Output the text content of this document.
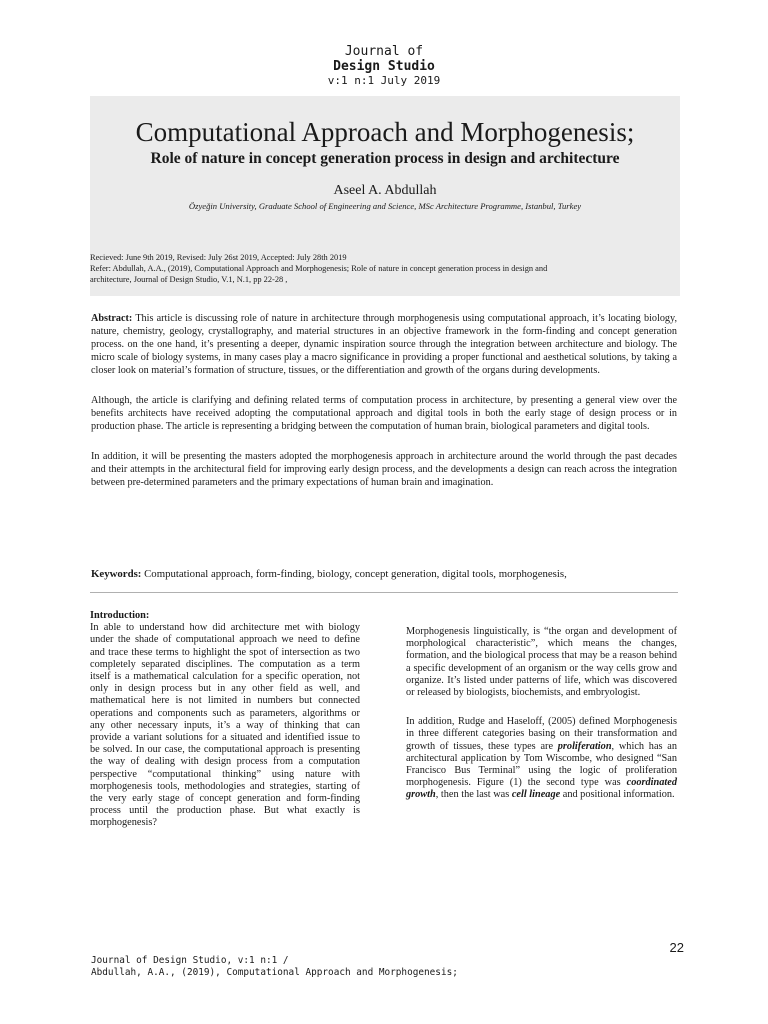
Journal of
Design Studio
v:1 n:1 July 2019
Computational Approach and Morphogenesis;
Role of nature in concept generation process in design and architecture
Aseel A. Abdullah
Özyeğin University, Graduate School of Engineering and Science, MSc Architecture Programme, Istanbul, Turkey
Recieved: June 9th 2019, Revised: July 26st 2019, Accepted: July 28th 2019
Refer: Abdullah, A.A., (2019), Computational Approach and Morphogenesis; Role of nature in concept generation process in design and
architecture, Journal of Design Studio, V.1, N.1, pp 22-28 ,

Abstract: This article is discussing role of nature in architecture through morphogenesis using computational approach, it’s locating biology, nature, chemistry, geology, crystallography, and material structures in an objective framework in the form-finding and concept generation process. on the one hand, it’s presenting a deeper, dynamic inspiration source through the integration between architecture and biology. The micro scale of biology systems, in many cases play a macro significance in providing a proper functional and aesthetical solutions, by taking a closer look on material’s formation of structure, tissues, or the differentiation and growth of the organs during developments.

Although, the article is clarifying and defining related terms of computation process in architecture, by presenting a general view over the benefits architects have received adopting the computational approach and digital tools in both the early stage of design process or in production phase. The article is representing a bridging between the computation of human brain, biological parameters and digital tools.

In addition, it will be presenting the masters adopted the morphogenesis approach in architecture around the world through the past decades and their attempts in the architectural field for improving early design process, and the developments a design can reach across the integration between pre-determined parameters and the primary expectations of human brain and imagination.

Keywords: Computational approach, form-finding, biology, concept generation, digital tools, morphogenesis,
Introduction:
In able to understand how did architecture met with biology under the shade of computational approach we need to define and trace these terms to highlight the spot of intersection as two completely separated disciplines. The computation as a term itself is a mathematical calculation for a specific operation, not only in design process but in any other field as well, and mathematical here is not limited in numbers but connected operations and components such as parameters, algorithms or any other necessary inputs, it’s a way of thinking that can provide a variant solutions for a situated and identified issue to be solved. In our case, the computational approach is presenting the way of dealing with design process from a computation perspective “computational thinking” using nature with morphogenesis tools, methodologies and strategies, starting of the very early stage of concept generation and form-finding process until the production phase. But what exactly is morphogenesis?

Morphogenesis linguistically, is “the organ and development of morphological characteristic”, which means the changes, formation, and the biological process that may be a reason behind a specific development of an organism or the way cells grow and organize. It’s listed under patterns of life, which was discovered or released by biologists, biochemists, and embryologist.

In addition, Rudge and Haseloff, (2005) defined Morphogenesis in three different categories basing on their transformation and growth of tissues, these types are proliferation, which has an architectural application by Tom Wiscombe, who designed “San Francisco Bus Terminal” using the logic of proliferation morphogenesis. Figure (1) the second type was coordinated growth, then the last was cell lineage and positional information.

22
Journal of Design Studio, v:1 n:1 /
Abdullah, A.A., (2019), Computational Approach and Morphogenesis;
